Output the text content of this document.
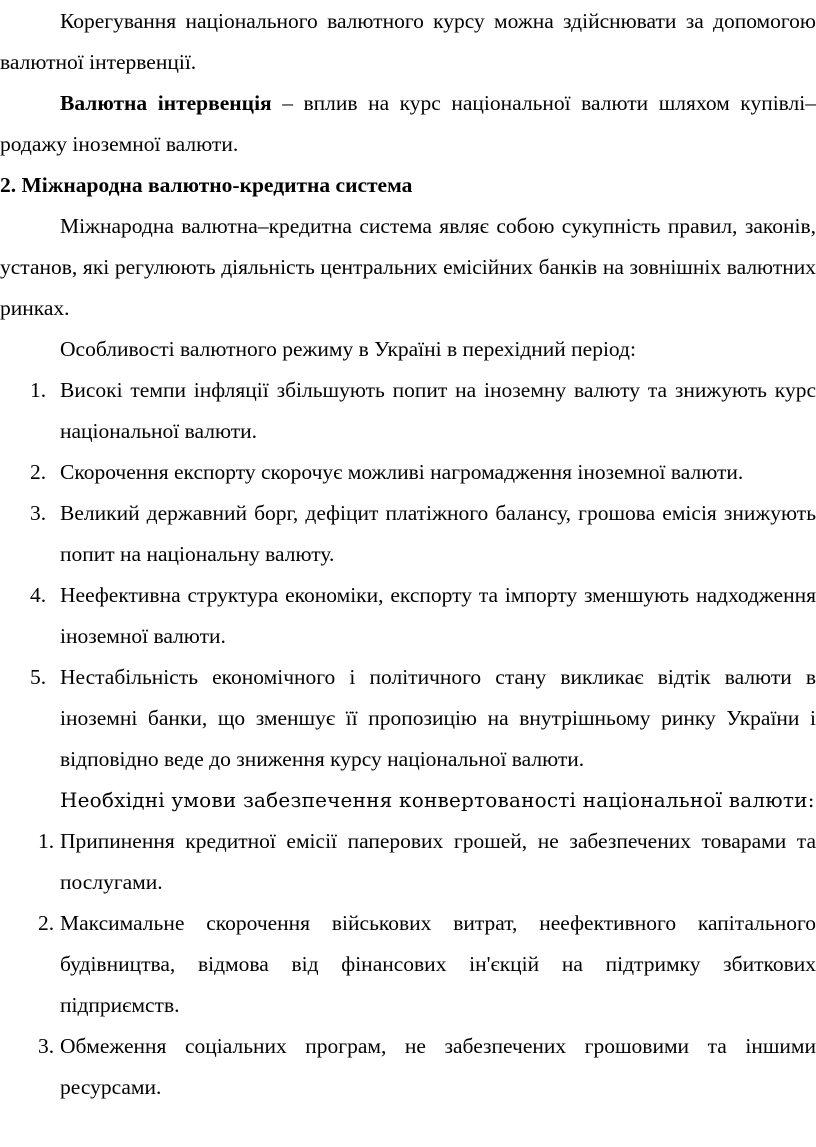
Корегування національного валютного курсу можна здійснювати за допомогою валютної інтервенції.

Валютна інтервенція – вплив на курс національної валюти шляхом купівлі–родажу іноземної валюти.

2. Міжнародна валютно-кредитна система

Міжнародна валютна–кредитна система являє собою сукупність правил, законів, установ, які регулюють діяльність центральних емісійних банків на зовнішніх валютних ринках.

Особливості валютного режиму в Україні в перехідний період:

1. Високі темпи інфляції збільшують попит на іноземну валюту та знижують курс національної валюти.
2. Скорочення експорту скорочує можливі нагромадження іноземної валюти.
3. Великий державний борг, дефіцит платіжного балансу, грошова емісія знижують попит на національну валюту.
4. Неефективна структура економіки, експорту та імпорту зменшують надходження іноземної валюти.
5. Нестабільність економічного і політичного стану викликає відтік валюти в іноземні банки, що зменшує її пропозицію на внутрішньому ринку України і відповідно веде до зниження курсу національної валюти.

Необхідні умови забезпечення конвертованості національної валюти:

1. Припинення кредитної емісії паперових грошей, не забезпечених товарами та послугами.
2. Максимальне скорочення військових витрат, неефективного капітального будівництва, відмова від фінансових ін'єкцій на підтримку збиткових підприємств.
3. Обмеження соціальних програм, не забезпечених грошовими та іншими ресурсами.
